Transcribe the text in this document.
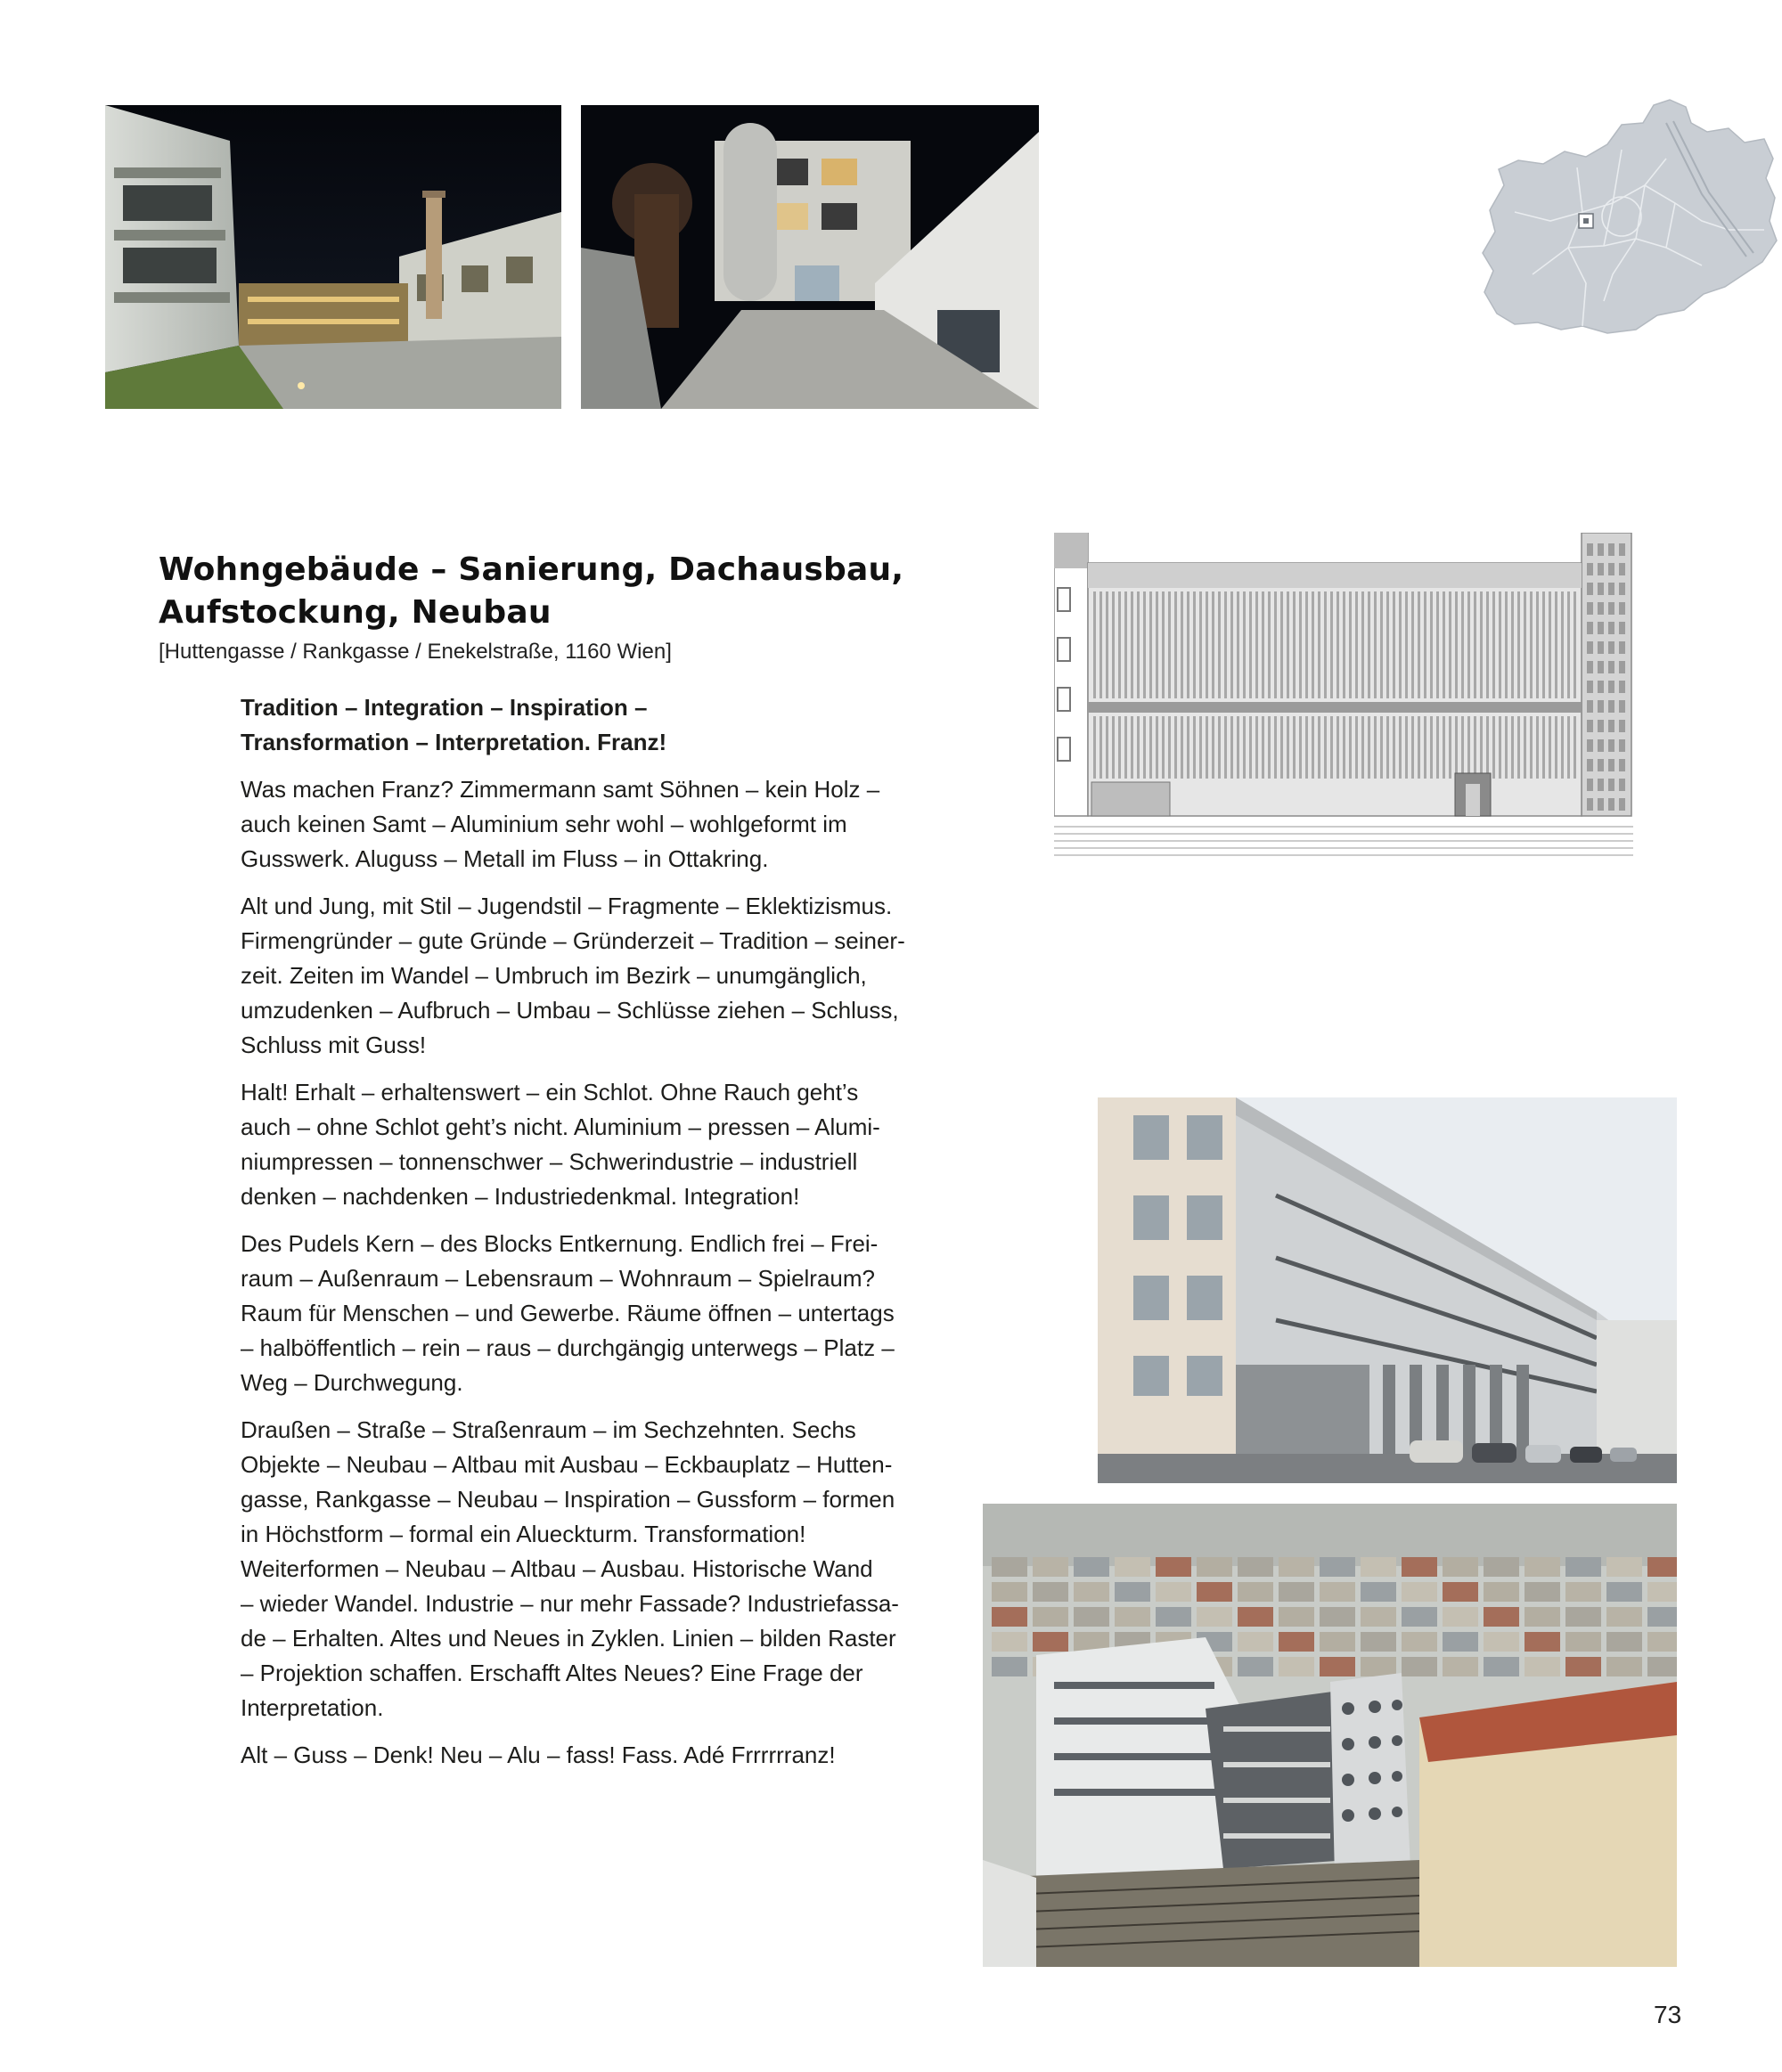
Wohngebäude – Sanierung, Dachausbau,
Aufstockung, Neubau
[Huttengasse / Rankgasse / Enekelstraße, 1160 Wien]

Tradition – Integration – Inspiration –
Transformation – Interpretation. Franz!

Was machen Franz? Zimmermann samt Söhnen – kein Holz –
auch keinen Samt – Aluminium sehr wohl – wohlgeformt im
Gusswerk. Aluguss – Metall im Fluss – in Ottakring.

Alt und Jung, mit Stil – Jugendstil – Fragmente – Eklektizismus.
Firmengründer – gute Gründe – Gründerzeit – Tradition – seiner-
zeit. Zeiten im Wandel – Umbruch im Bezirk – unumgänglich,
umzudenken – Aufbruch – Umbau – Schlüsse ziehen – Schluss,
Schluss mit Guss!

Halt! Erhalt – erhaltenswert – ein Schlot. Ohne Rauch geht’s
auch – ohne Schlot geht’s nicht. Aluminium – pressen – Alumi-
niumpressen – tonnenschwer – Schwerindustrie – industriell
denken – nachdenken – Industriedenkmal. Integration!

Des Pudels Kern – des Blocks Entkernung. Endlich frei – Frei-
raum – Außenraum – Lebensraum – Wohnraum – Spielraum?
Raum für Menschen – und Gewerbe. Räume öffnen – untertags
– halböffentlich – rein – raus – durchgängig unterwegs – Platz –
Weg – Durchwegung.

Draußen – Straße – Straßenraum – im Sechzehnten. Sechs
Objekte – Neubau – Altbau mit Ausbau – Eckbauplatz – Hutten-
gasse, Rankgasse – Neubau – Inspiration – Gussform – formen
in Höchstform – formal ein Alueckturm. Transformation!
Weiterformen – Neubau – Altbau – Ausbau. Historische Wand
– wieder Wandel. Industrie – nur mehr Fassade? Industriefassa-
de – Erhalten. Altes und Neues in Zyklen. Linien – bilden Raster
– Projektion schaffen. Erschafft Altes Neues? Eine Frage der
Interpretation.

Alt – Guss – Denk! Neu – Alu – fass! Fass. Adé Frrrrrranz!

73
